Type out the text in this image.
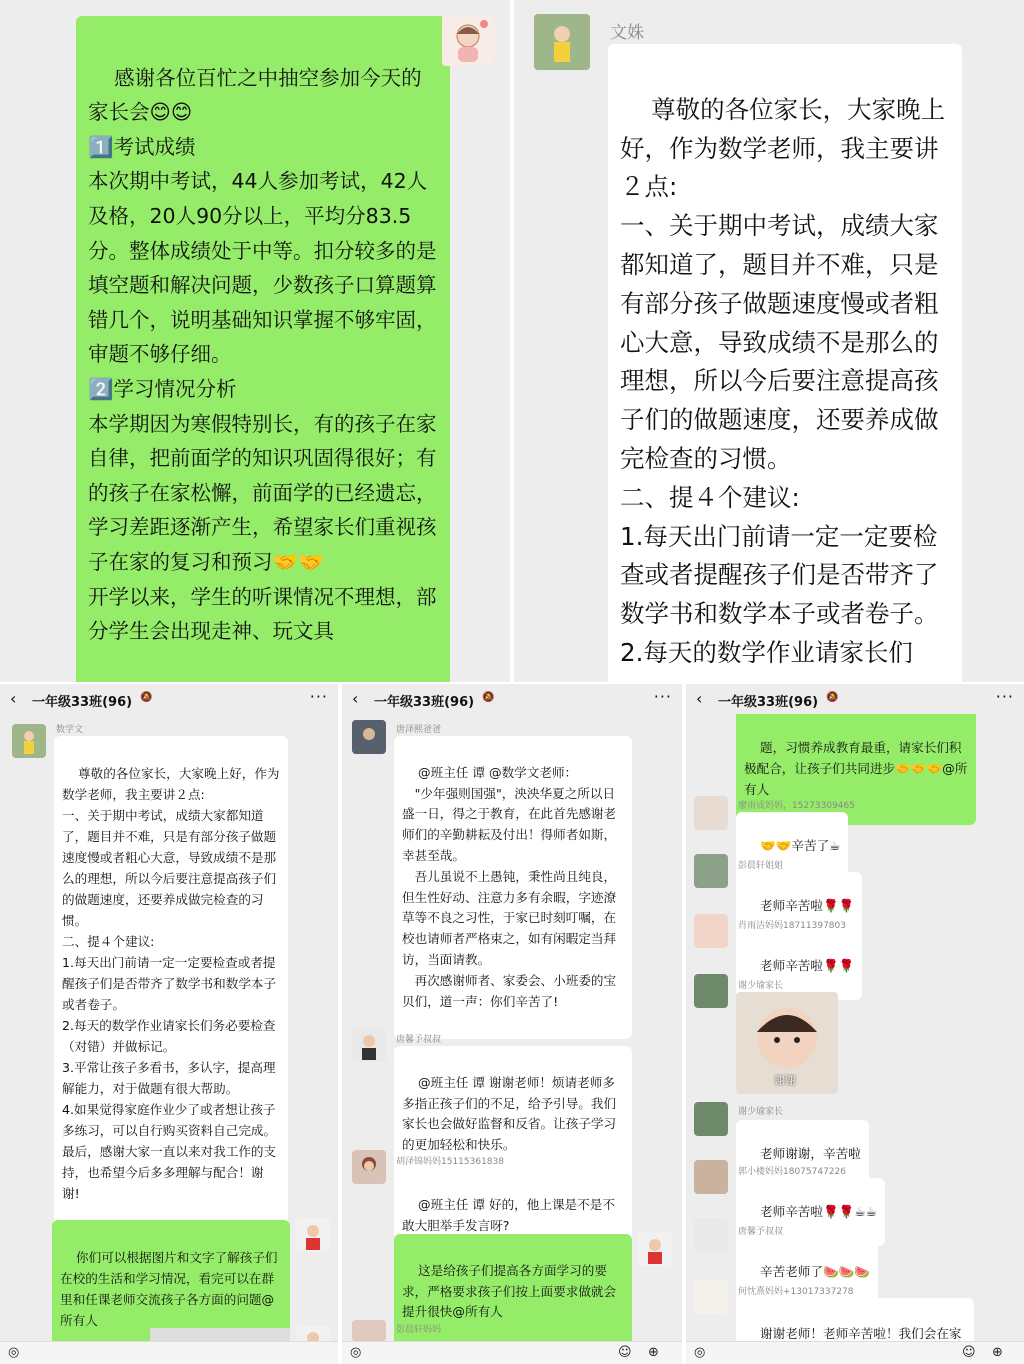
感谢各位百忙之中抽空参加今天的家长会😊😊
1️⃣考试成绩
本次期中考试，44人参加考试，42人及格，20人90分以上，平均分83.5分。整体成绩处于中等。扣分较多的是填空题和解决问题，少数孩子口算题算错几个，说明基础知识掌握不够牢固，审题不够仔细。
2️⃣学习情况分析
本学期因为寒假特别长，有的孩子在家自律，把前面学的知识巩固得很好；有的孩子在家松懈，前面学的已经遗忘，学习差距逐渐产生，希望家长们重视孩子在家的复习和预习🤝🤝
开学以来，学生的听课情况不理想，部分学生会出现走神、玩文具

文姝

尊敬的各位家长，大家晚上好，作为数学老师，我主要讲２点:
一、关于期中考试，成绩大家都知道了，题目并不难，只是有部分孩子做题速度慢或者粗心大意，导致成绩不是那么的理想，所以今后要注意提高孩子们的做题速度，还要养成做完检查的习惯。
二、提４个建议:
1.每天出门前请一定一定要检查或者提醒孩子们是否带齐了数学书和数学本子或者卷子。
2.每天的数学作业请家长们

‹ 一年级33班(96) 🔕	···
数学文

尊敬的各位家长，大家晚上好，作为数学老师，我主要讲２点:
一、关于期中考试，成绩大家都知道了，题目并不难，只是有部分孩子做题速度慢或者粗心大意，导致成绩不是那么的理想，所以今后要注意提高孩子们的做题速度，还要养成做完检查的习惯。
二、提４个建议:
1.每天出门前请一定一定要检查或者提醒孩子们是否带齐了数学书和数学本子或者卷子。
2.每天的数学作业请家长们务必要检查（对错）并做标记。
3.平常让孩子多看书，多认字，提高理解能力，对于做题有很大帮助。
4.如果觉得家庭作业少了或者想让孩子多练习，可以自行购买资料自己完成。
最后，感谢大家一直以来对我工作的支持，也希望今后多多理解与配合！谢谢!

你们可以根据图片和文字了解孩子们在校的生活和学习情况，看完可以在群里和任课老师交流孩子各方面的问题@所有人

◎
‹ 一年级33班(96) 🔕	···
唐泽熙爸爸

@班主任 谭 @数学文老师：
　"少年强则国强"，泱泱华夏之所以日盛一日，得之于教育，在此首先感谢老师们的辛勤耕耘及付出！得师者如斯，幸甚至哉。
　吾儿虽说不上愚钝，秉性尚且纯良，但生性好动、注意力多有余暇，字迹潦草等不良之习性，于家已时刻叮嘱，在校也请师者严格束之，如有闲暇定当拜访，当面请教。
　再次感谢师者、家委会、小班委的宝贝们，道一声：你们辛苦了!

唐馨予叔叔

@班主任 谭 谢谢老师！烦请老师多多指正孩子们的不足，给予引导。我们家长也会做好监督和反省。让孩子学习的更加轻松和快乐。

胡泽锦妈妈15115361838

@班主任 谭 好的，他上课是不是不敢大胆举手发言呀?

这是给孩子们提高各方面学习的要求，严格要求孩子们按上面要求做就会提升很快@所有人

彭晨轩妈妈
◎	☺ ⊕
‹ 一年级33班(96) 🔕	···

题，习惯养成教育最重，请家长们积极配合，让孩子们共同进步🤝🤝🤝@所有人

廖雨成妈妈，15273309465

🤝🤝辛苦了☕

彭晨轩姐姐

老师辛苦啦🌹🌹

肖雨洁妈妈18711397803

老师辛苦啦🌹🌹

谢少瑜家长
谢谢
谢少瑜家长

老师谢谢，辛苦啦

郭小楼妈妈18075747226

老师辛苦啦🌹🌹☕☕

唐馨予叔叔

辛苦老师了🍉🍉🍉

何忱熹妈妈+13017337278

谢谢老师！老师辛苦啦！我们会在家

◎	☺ ⊕
